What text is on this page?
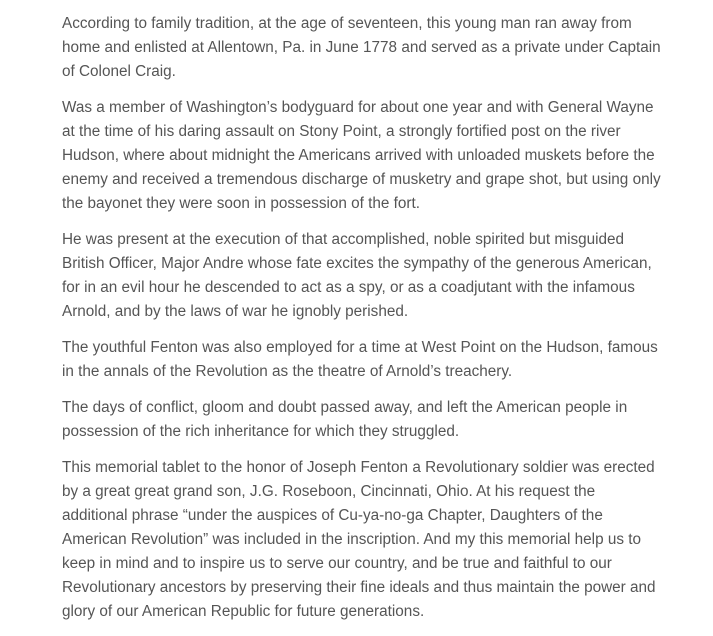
According to family tradition, at the age of seventeen, this young man ran away from home and enlisted at Allentown, Pa. in June 1778 and served as a private under Captain of Colonel Craig.

Was a member of Washington’s bodyguard for about one year and with General Wayne at the time of his daring assault on Stony Point, a strongly fortified post on the river Hudson, where about midnight the Americans arrived with unloaded muskets before the enemy and received a tremendous discharge of musketry and grape shot, but using only the bayonet they were soon in possession of the fort.

He was present at the execution of that accomplished, noble spirited but misguided British Officer, Major Andre whose fate excites the sympathy of the generous American, for in an evil hour he descended to act as a spy, or as a coadjutant with the infamous Arnold, and by the laws of war he ignobly perished.

The youthful Fenton was also employed for a time at West Point on the Hudson, famous in the annals of the Revolution as the theatre of Arnold’s treachery.

The days of conflict, gloom and doubt passed away, and left the American people in possession of the rich inheritance for which they struggled.

This memorial tablet to the honor of Joseph Fenton a Revolutionary soldier was erected by a great great grand son, J.G. Roseboon, Cincinnati, Ohio. At his request the additional phrase “under the auspices of Cu-ya-no-ga Chapter, Daughters of the American Revolution” was included in the inscription. And my this memorial help us to keep in mind and to inspire us to serve our country, and be true and faithful to our Revolutionary ancestors by preserving their fine ideals and thus maintain the power and glory of our American Republic for future generations.
